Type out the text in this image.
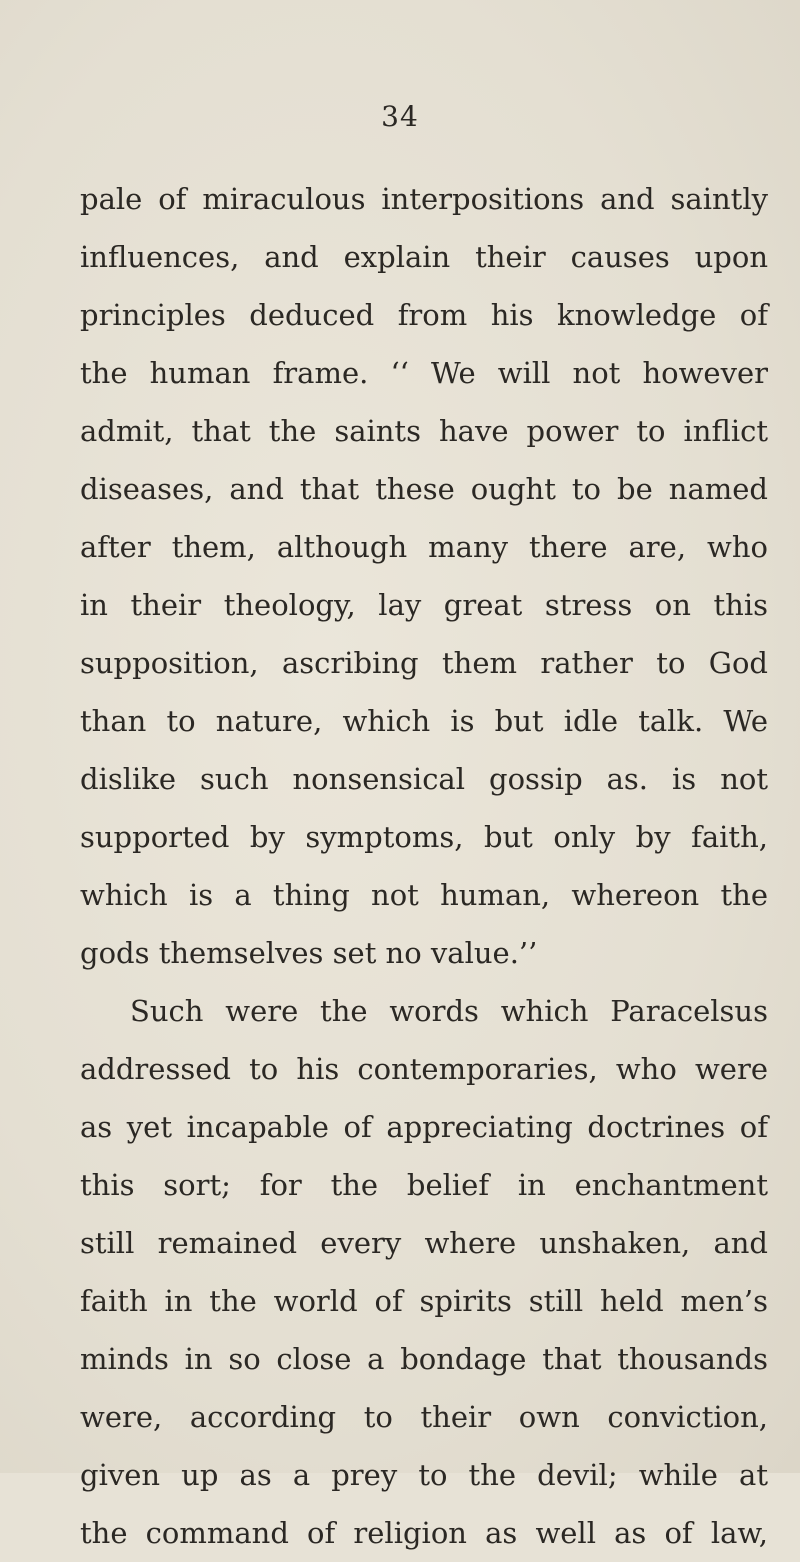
34
pale of miraculous interpositions and saintly
influences, and explain their causes upon
principles deduced from his knowledge of
the human frame. ‘‘ We will not however
admit, that the saints have power to inflict
diseases, and that these ought to be named
after them, although many there are, who
in their theology, lay great stress on this
supposition, ascribing them rather to God
than to nature, which is but idle talk. We
dislike such nonsensical gossip as. is not
supported by symptoms, but only by faith,
which is a thing not human, whereon the
gods themselves set no value.’’
Such were the words which Paracelsus
addressed to his contemporaries, who were
as yet incapable of appreciating doctrines of
this sort; for the belief in enchantment
still remained every where unshaken, and
faith in the world of spirits still held men’s
minds in so close a bondage that thousands
were, according to their own conviction,
given up as a prey to the devil; while at
the command of religion as well as of law,
